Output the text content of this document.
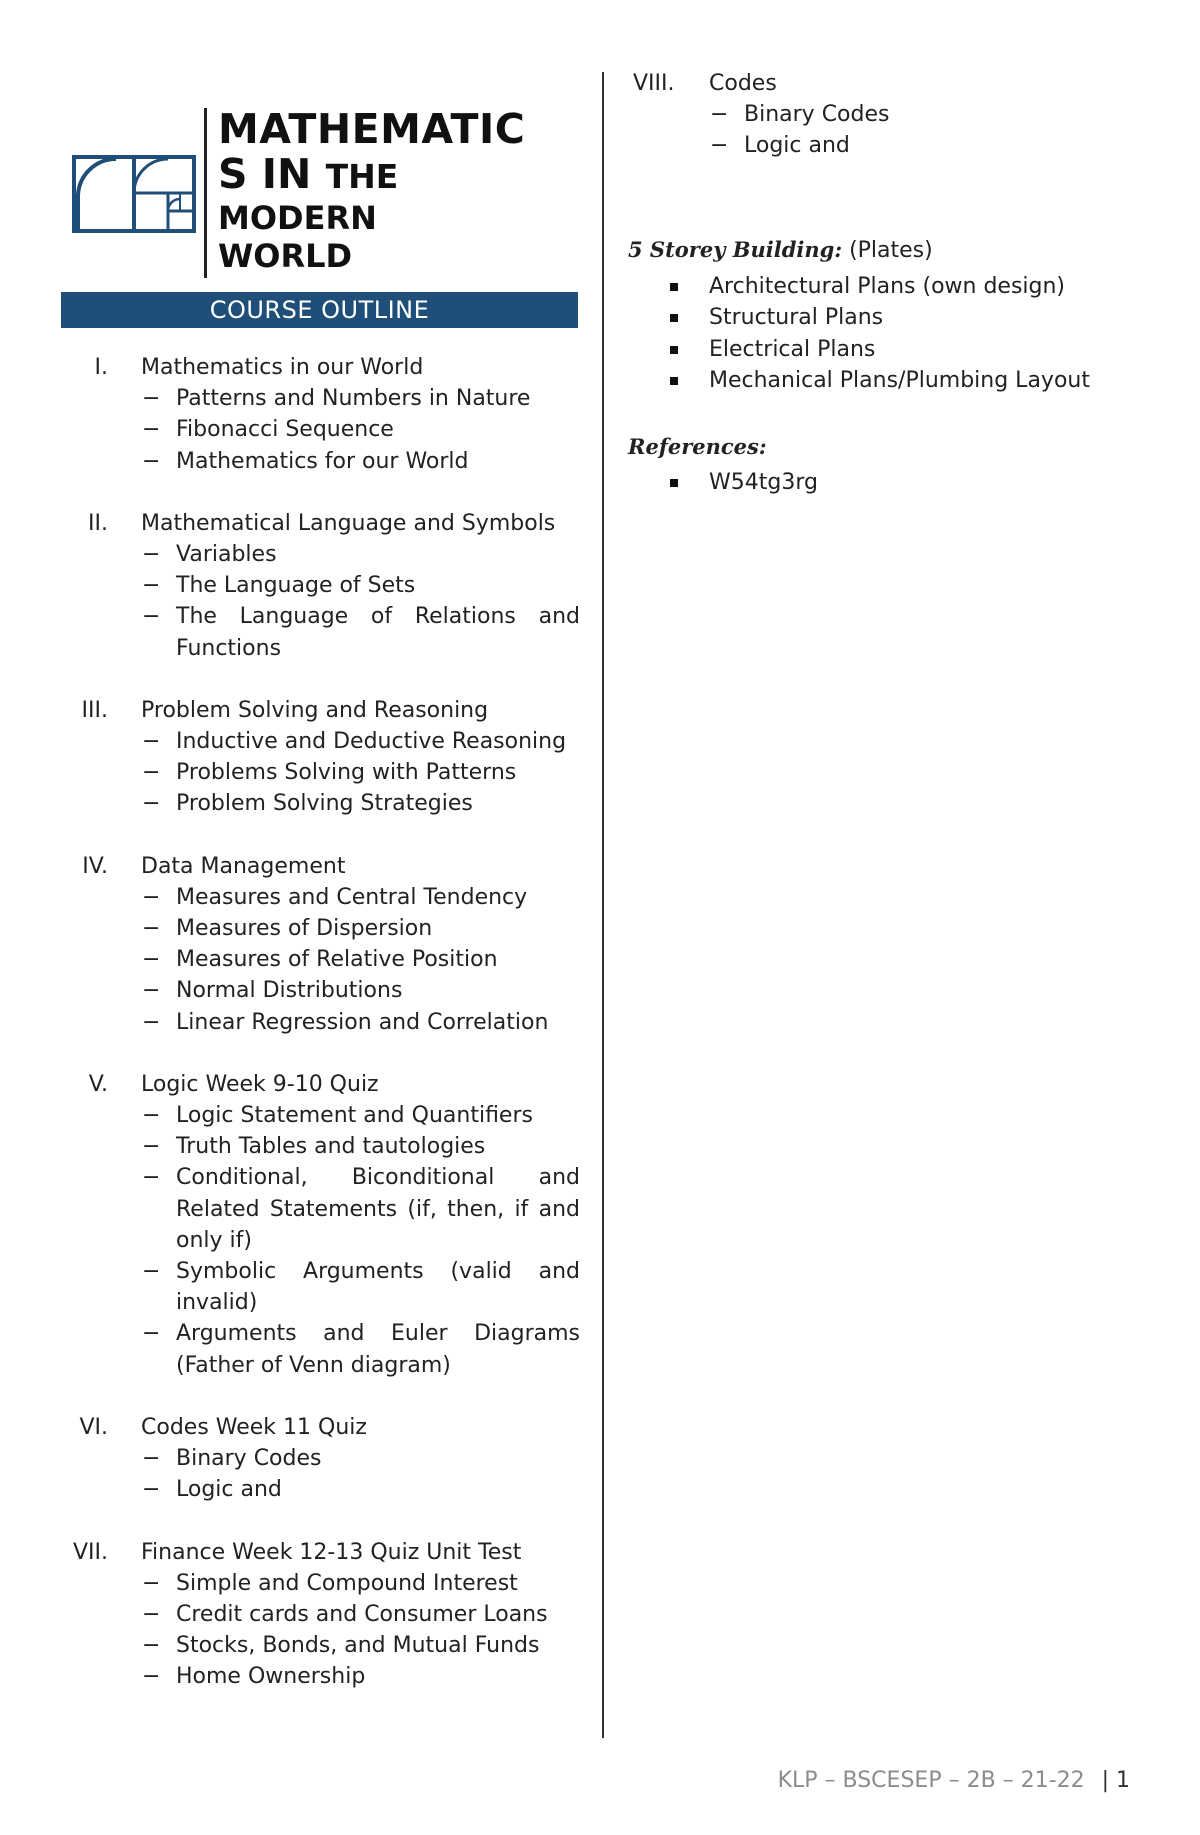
MATHEMATIC
S IN THE
MODERN
WORLD
COURSE OUTLINE
I. Mathematics in our World
− Patterns and Numbers in Nature
− Fibonacci Sequence
− Mathematics for our World
II. Mathematical Language and Symbols
− Variables
− The Language of Sets
− The Language of Relations and Functions
III. Problem Solving and Reasoning
− Inductive and Deductive Reasoning
− Problems Solving with Patterns
− Problem Solving Strategies
IV. Data Management
− Measures and Central Tendency
− Measures of Dispersion
− Measures of Relative Position
− Normal Distributions
− Linear Regression and Correlation
V. Logic Week 9-10 Quiz
− Logic Statement and Quantifiers
− Truth Tables and tautologies
− Conditional, Biconditional and Related Statements (if, then, if and only if)
− Symbolic Arguments (valid and invalid)
− Arguments and Euler Diagrams (Father of Venn diagram)
VI. Codes Week 11 Quiz
− Binary Codes
− Logic and
VII. Finance Week 12-13 Quiz Unit Test
− Simple and Compound Interest
− Credit cards and Consumer Loans
− Stocks, Bonds, and Mutual Funds
− Home Ownership
VIII. Codes
− Binary Codes
− Logic and
5 Storey Building: (Plates)
Architectural Plans (own design)
Structural Plans
Electrical Plans
Mechanical Plans/Plumbing Layout
References:
W54tg3rg
KLP – BSCESEP – 2B – 21-22 | 1
